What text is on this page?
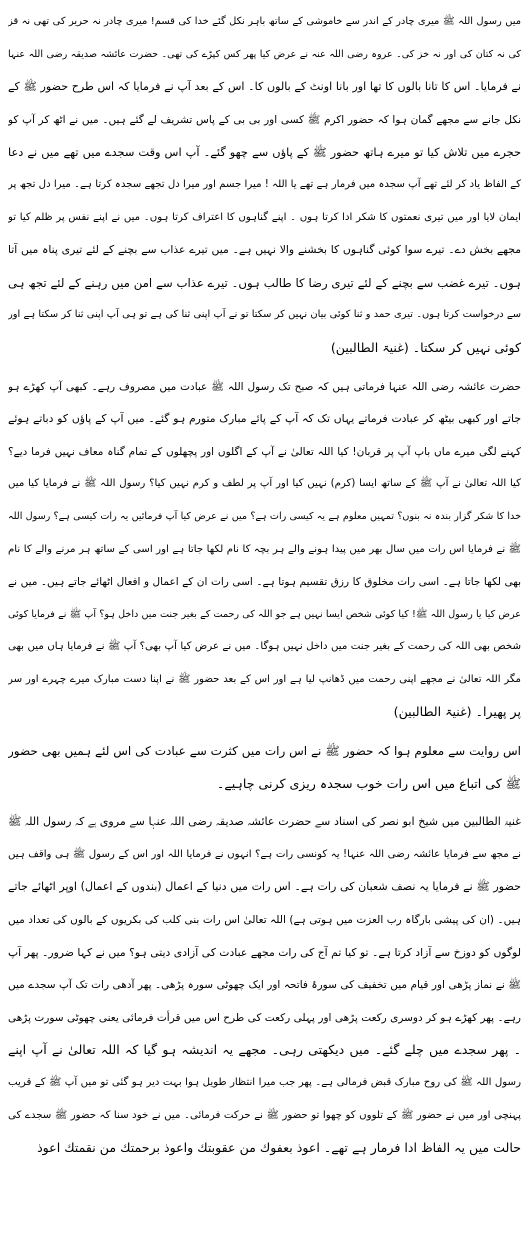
میں رسول اللہ ﷺ میری چادر کے اندر سے خاموشی کے ساتھ باہر نکل گئے خدا کی قسم! میری چادر نہ حریر کی تھی نہ قز
کی نہ کتان کی اور نہ خز کی۔ عروہ رضی اللہ عنہ نے عرض کیا پھر کس کپڑے کی تھی۔ حضرت عائشہ صدیقہ رضی اللہ عنہا
نے فرمایا۔ اس کا تانا بالوں کا تھا اور بانا اونٹ کے بالوں کا۔ اس کے بعد آپ نے فرمایا کہ اس طرح حضور ﷺ کے
نکل جانے سے مجھے گمان ہوا کہ حضور اکرم ﷺ کسی اور بی بی کے پاس تشریف لے گئے ہیں۔ میں نے اٹھ کر آپ کو
حجرے میں تلاش کیا تو میرے ہاتھ حضور ﷺ کے پاؤں سے چھو گئے۔ آپ اس وقت سجدے میں تھے میں نے دعا
کے الفاظ یاد کر لئے تھے آپ سجدہ میں فرمار ہے تھے یا اللہ ! میرا جسم اور میرا دل تجھے سجدہ کرتا ہے۔ میرا دل تجھ پر
ایمان لایا اور میں تیری نعمتوں کا شکر ادا کرتا ہوں ۔ اپنے گناہوں کا اعتراف کرتا ہوں۔ میں نے اپنے نفس پر ظلم کیا تو
مجھے بخش دے۔ تیرے سوا کوئی گناہوں کا بخشنے والا نہیں ہے۔ میں تیرے عذاب سے بچنے کے لئے تیری پناہ میں آتا
ہوں۔ تیرے غضب سے بچنے کے لئے تیری رضا کا طالب ہوں۔ تیرے عذاب سے امن میں رہنے کے لئے تجھ ہی
سے درخواست کرتا ہوں۔ تیری حمد و ثنا کوئی بیان نہیں کر سکتا تو نے آپ اپنی ثنا کی ہے تو ہی آپ اپنی ثنا کر سکتا ہے اور
کوئی نہیں کر سکتا۔ (غنیۃ الطالبین)
حضرت عائشہ رضی اللہ عنہا فرماتی ہیں کہ صبح تک رسول اللہ ﷺ عبادت میں مصروف رہے۔ کبھی آپ کھڑے ہو
جاتے اور کبھی بیٹھ کر عبادت فرماتے یہاں تک کہ آپ کے پائے مبارک متورم ہو گئے۔ میں آپ کے پاؤں کو دباتے ہوئے
کہنے لگی میرے ماں باپ آپ پر قربان! کیا اللہ تعالیٰ نے آپ کے اگلوں اور پچھلوں کے تمام گناہ معاف نہیں فرما دیے؟
کیا اللہ تعالیٰ نے آپ ﷺ کے ساتھ ایسا (کرم) نہیں کیا اور آپ پر لطف و کرم نہیں کیا؟ رسول اللہ ﷺ نے فرمایا کیا میں
خدا کا شکر گزار بندہ نہ بنوں؟ تمہیں معلوم ہے یہ کیسی رات ہے؟ میں نے عرض کیا آپ فرمائیں یہ رات کیسی ہے؟ رسول اللہ
ﷺ نے فرمایا اس رات میں سال بھر میں پیدا ہونے والے ہر بچہ کا نام لکھا جاتا ہے اور اسی کے ساتھ ہر مرنے والے کا نام
بھی لکھا جاتا ہے۔ اسی رات مخلوق کا رزق تقسیم ہوتا ہے۔ اسی رات ان کے اعمال و افعال اٹھائے جاتے ہیں۔ میں نے
عرض کیا یا رسول اللہ ﷺ! کیا کوئی شخص ایسا نہیں ہے جو اللہ کی رحمت کے بغیر جنت میں داخل ہو؟ آپ ﷺ نے فرمایا کوئی
شخص بھی اللہ کی رحمت کے بغیر جنت میں داخل نہیں ہوگا۔ میں نے عرض کیا آپ بھی؟ آپ ﷺ نے فرمایا ہاں میں بھی
مگر اللہ تعالیٰ نے مجھے اپنی رحمت میں ڈھانپ لیا ہے اور اس کے بعد حضور ﷺ نے اپنا دست مبارک میرے چہرے اور سر
پر پھیرا۔ (غنیۃ الطالبین)
اس روایت سے معلوم ہوا کہ حضور ﷺ نے اس رات میں کثرت سے عبادت کی اس لئے ہمیں بھی حضور
ﷺ کی اتباع میں اس رات خوب سجدہ ریزی کرنی چاہیے۔
غنیۃ الطالبین میں شیخ ابو نصر کی اسناد سے حضرت عائشہ صدیقہ رضی اللہ عنہا سے مروی ہے کہ رسول اللہ ﷺ
نے مجھ سے فرمایا عائشہ رضی اللہ عنہا! یہ کونسی رات ہے؟ انہوں نے فرمایا اللہ اور اس کے رسول ﷺ ہی واقف ہیں
حضور ﷺ نے فرمایا یہ نصف شعبان کی رات ہے۔ اس رات میں دنیا کے اعمال (بندوں کے اعمال) اوپر اٹھائے جاتے
ہیں۔ (ان کی پیشی بارگاہ رب العزت میں ہوتی ہے) اللہ تعالیٰ اس رات بنی کلب کی بکریوں کے بالوں کی تعداد میں
لوگوں کو دوزخ سے آزاد کرتا ہے۔ تو کیا تم آج کی رات مجھے عبادت کی آزادی دیتی ہو؟ میں نے کہا ضرور۔ پھر آپ
ﷺ نے نماز پڑھی اور قیام میں تخفیف کی سورۂ فاتحہ اور ایک چھوٹی سورہ پڑھی۔ پھر آدھی رات تک آپ سجدے میں
رہے۔ پھر کھڑے ہو کر دوسری رکعت پڑھی اور پہلی رکعت کی طرح اس میں قرأت فرمائی یعنی چھوٹی سورت پڑھی
۔ پھر سجدے میں چلے گئے۔ میں دیکھتی رہی۔ مجھے یہ اندیشہ ہو گیا کہ اللہ تعالیٰ نے آپ اپنے
رسول اللہ ﷺ کی روح مبارک قبض فرمالی ہے۔ پھر جب میرا انتظار طویل ہوا بہت دیر ہو گئی تو میں آپ ﷺ کے قریب
پہنچی اور میں نے حضور ﷺ کے تلووں کو چھوا تو حضور ﷺ نے حرکت فرمائی۔ میں نے خود سنا کہ حضور ﷺ سجدے کی
حالت میں یہ الفاظ ادا فرمار ہے تھے۔ اعوذ بعفوك من عقوبتك واعوذ برحمتك من نقمتك اعوذ
